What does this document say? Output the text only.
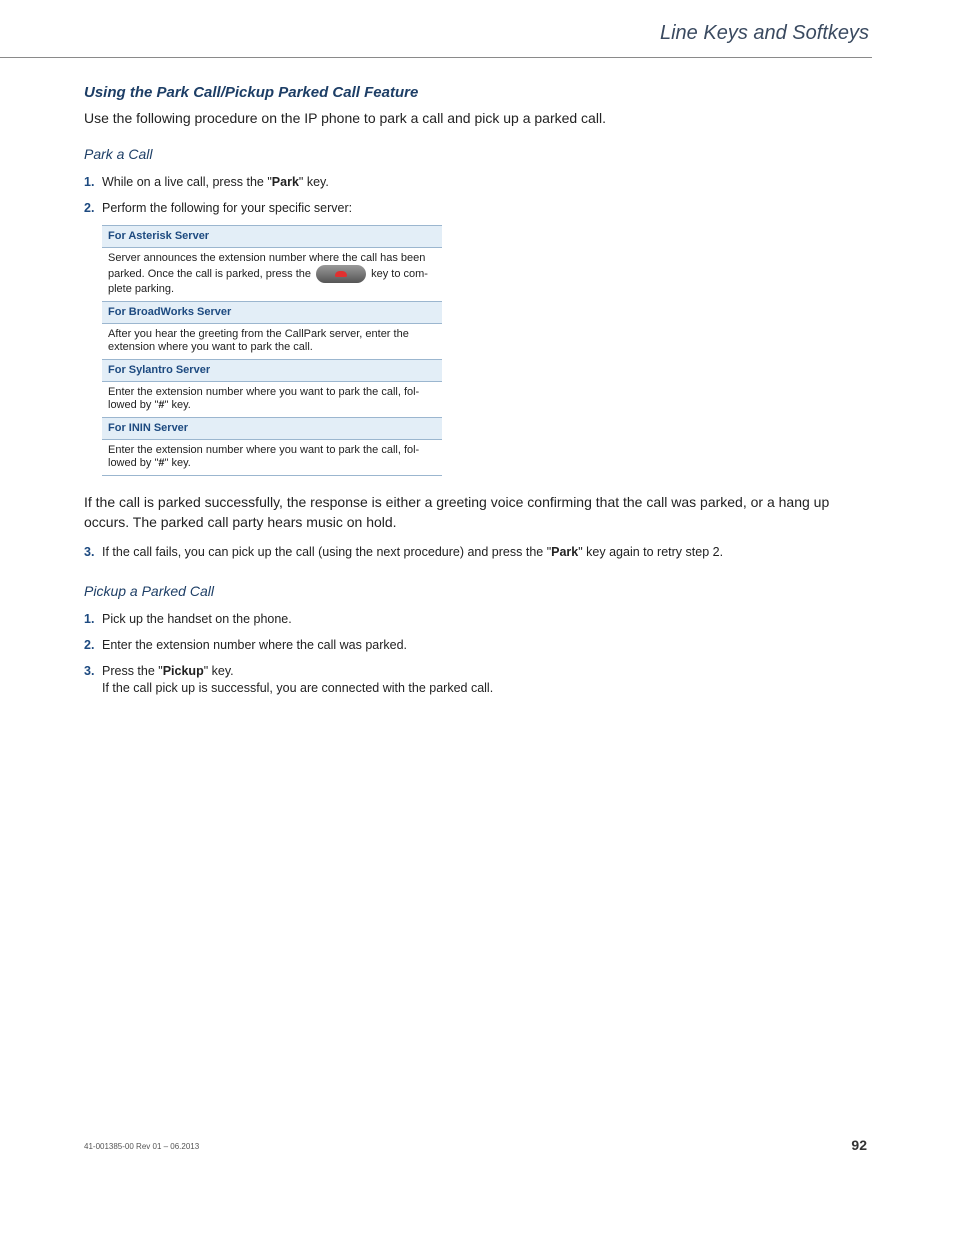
Line Keys and Softkeys
Using the Park Call/Pickup Parked Call Feature

Use the following procedure on the IP phone to park a call and pick up a parked call.

Park a Call
1. While on a live call, press the "Park" key.
2. Perform the following for your specific server:
For Asterisk Server
Server announces the extension number where the call has been parked. Once the call is parked, press the	key to com-plete parking.
For BroadWorks Server
After you hear the greeting from the CallPark server, enter the extension where you want to park the call.
For Sylantro Server
Enter the extension number where you want to park the call, fol-lowed by "#" key.
For ININ Server
Enter the extension number where you want to park the call, fol-lowed by "#" key.

If the call is parked successfully, the response is either a greeting voice confirming that the call was parked, or a hang up occurs. The parked call party hears music on hold.

3. If the call fails, you can pick up the call (using the next procedure) and press the "Park" key again to retry step 2.
Pickup a Parked Call
1. Pick up the handset on the phone.
2. Enter the extension number where the call was parked.
3. Press the "Pickup" key.
If the call pick up is successful, you are connected with the parked call.
41-001385-00 Rev 01 – 06.2013	92
